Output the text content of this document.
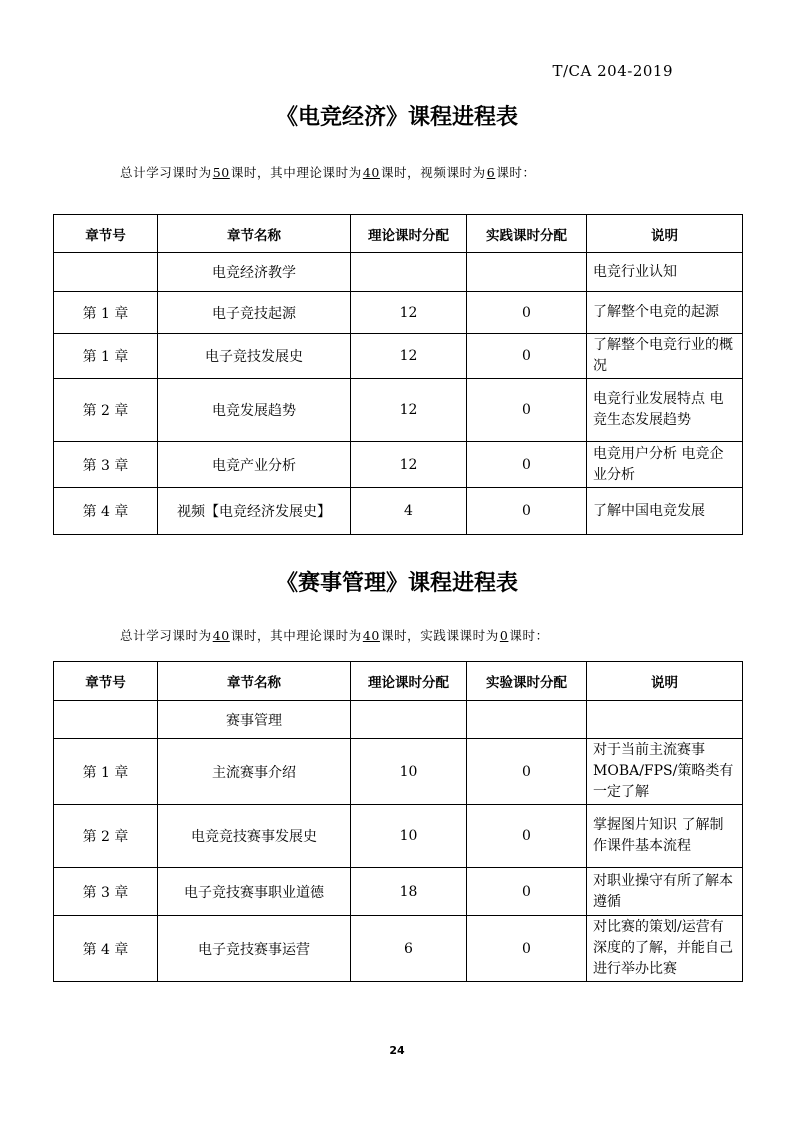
T/CA 204-2019
《电竞经济》课程进程表
总计学习课时为50课时，其中理论课时为40课时，视频课时为6课时：
章节号	章节名称	理论课时分配	实践课时分配	说明
	电竞经济教学			电竞行业认知
第 1 章	电子竞技起源	12	0	了解整个电竞的起源
第 1 章	电子竞技发展史	12	0	了解整个电竞行业的概况
第 2 章	电竞发展趋势	12	0	电竞行业发展特点 电竞生态发展趋势
第 3 章	电竞产业分析	12	0	电竞用户分析 电竞企业分析
第 4 章	视频【电竞经济发展史】	4	0	了解中国电竞发展
《赛事管理》课程进程表
总计学习课时为40课时，其中理论课时为40课时，实践课课时为0课时：
章节号	章节名称	理论课时分配	实验课时分配	说明
	赛事管理			
第 1 章	主流赛事介绍	10	0	对于当前主流赛事 MOBA/FPS/策略类有一定了解
第 2 章	电竞竞技赛事发展史	10	0	掌握图片知识 了解制作课件基本流程
第 3 章	电子竞技赛事职业道德	18	0	对职业操守有所了解本遵循
第 4 章	电子竞技赛事运营	6	0	对比赛的策划/运营有深度的了解，并能自己进行举办比赛
24
